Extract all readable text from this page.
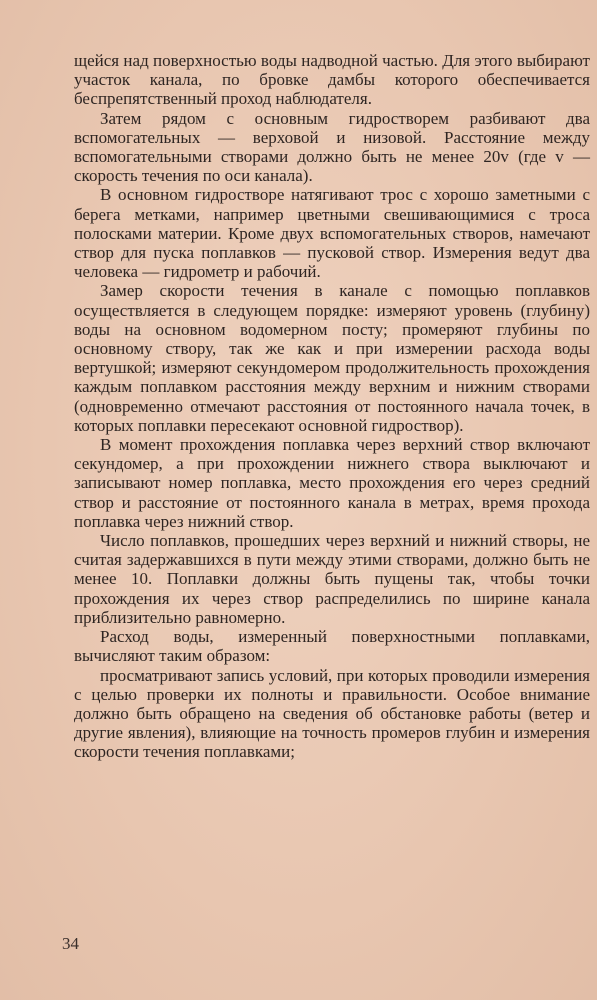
щейся над поверхностью воды надводной частью. Для этого выбирают участок канала, по бровке дамбы которого обеспечивается беспрепятственный проход наблюдателя.

Затем рядом с основным гидростворем разбивают два вспомогательных — верховой и низовой. Расстояние между вспомогательными створами должно быть не менее 20v (где v — скорость течения по оси канала).

В основном гидростворе натягивают трос с хорошо заметными с берега метками, например цветными свешивающимися с троса полосками материи. Кроме двух вспомогательных створов, намечают створ для пуска поплавков — пусковой створ. Измерения ведут два человека — гидрометр и рабочий.

Замер скорости течения в канале с помощью поплавков осуществляется в следующем порядке: измеряют уровень (глубину) воды на основном водомерном посту; промеряют глубины по основному створу, так же как и при измерении расхода воды вертушкой; измеряют секундомером продолжительность прохождения каждым поплавком расстояния между верхним и нижним створами (одновременно отмечают расстояния от постоянного начала точек, в которых поплавки пересекают основной гидроствор).

В момент прохождения поплавка через верхний створ включают секундомер, а при прохождении нижнего створа выключают и записывают номер поплавка, место прохождения его через средний створ и расстояние от постоянного канала в метрах, время прохода поплавка через нижний створ.

Число поплавков, прошедших через верхний и нижний створы, не считая задержавшихся в пути между этими створами, должно быть не менее 10. Поплавки должны быть пущены так, чтобы точки прохождения их через створ распределились по ширине канала приблизительно равномерно.

Расход воды, измеренный поверхностными поплавками, вычисляют таким образом:

просматривают запись условий, при которых проводили измерения с целью проверки их полноты и правильности. Особое внимание должно быть обращено на сведения об обстановке работы (ветер и другие явления), влияющие на точность промеров глубин и измерения скорости течения поплавками;

34
